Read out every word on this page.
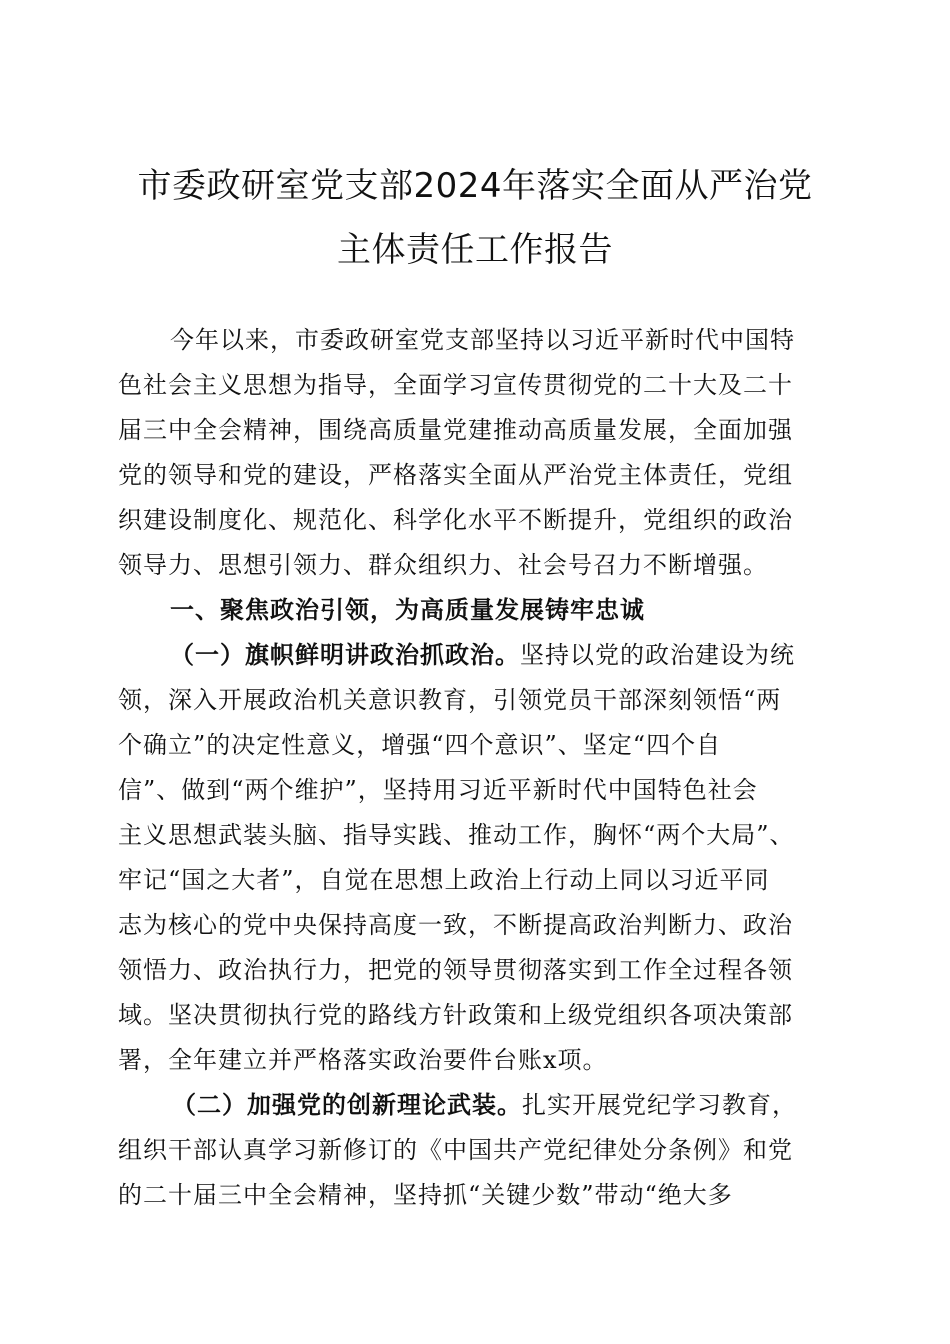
市委政研室党支部2024年落实全面从严治党
主体责任工作报告
今年以来，市委政研室党支部坚持以习近平新时代中国特
色社会主义思想为指导，全面学习宣传贯彻党的二十大及二十
届三中全会精神，围绕高质量党建推动高质量发展，全面加强
党的领导和党的建设，严格落实全面从严治党主体责任，党组
织建设制度化、规范化、科学化水平不断提升，党组织的政治
领导力、思想引领力、群众组织力、社会号召力不断增强。
一、聚焦政治引领，为高质量发展铸牢忠诚
（一）旗帜鲜明讲政治抓政治。坚持以党的政治建设为统
领，深入开展政治机关意识教育，引领党员干部深刻领悟“两
个确立”的决定性意义，增强“四个意识”、坚定“四个自
信”、做到“两个维护”，坚持用习近平新时代中国特色社会
主义思想武装头脑、指导实践、推动工作，胸怀“两个大局”、
牢记“国之大者”，自觉在思想上政治上行动上同以习近平同
志为核心的党中央保持高度一致，不断提高政治判断力、政治
领悟力、政治执行力，把党的领导贯彻落实到工作全过程各领
域。坚决贯彻执行党的路线方针政策和上级党组织各项决策部
署，全年建立并严格落实政治要件台账x项。
（二）加强党的创新理论武装。扎实开展党纪学习教育，
组织干部认真学习新修订的《中国共产党纪律处分条例》和党
的二十届三中全会精神，坚持抓“关键少数”带动“绝大多
